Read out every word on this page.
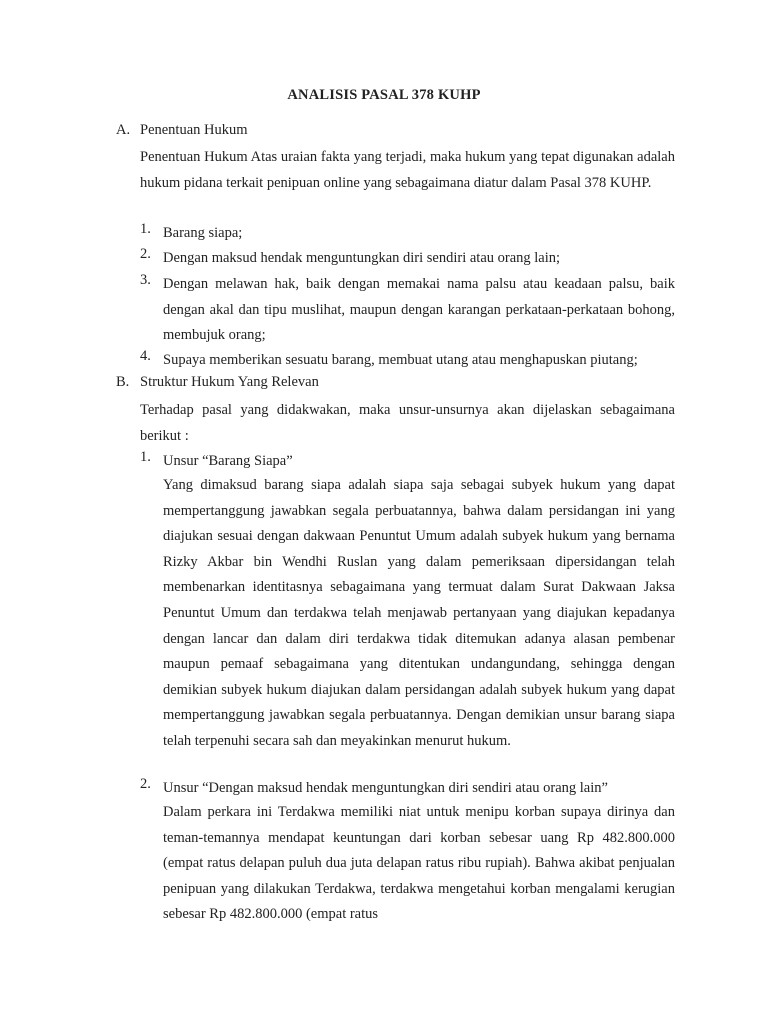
ANALISIS PASAL 378 KUHP
A. Penentuan Hukum
Penentuan Hukum Atas uraian fakta yang terjadi, maka hukum yang tepat digunakan adalah hukum pidana terkait penipuan online yang sebagaimana diatur dalam Pasal 378 KUHP.
1. Barang siapa;
2. Dengan maksud hendak menguntungkan diri sendiri atau orang lain;
3. Dengan melawan hak, baik dengan memakai nama palsu atau keadaan palsu, baik dengan akal dan tipu muslihat, maupun dengan karangan perkataan-perkataan bohong, membujuk orang;
4. Supaya memberikan sesuatu barang, membuat utang atau menghapuskan piutang;
B. Struktur Hukum Yang Relevan
Terhadap pasal yang didakwakan, maka unsur-unsurnya akan dijelaskan sebagaimana berikut :
1. Unsur “Barang Siapa”
Yang dimaksud barang siapa adalah siapa saja sebagai subyek hukum yang dapat mempertanggung jawabkan segala perbuatannya, bahwa dalam persidangan ini yang diajukan sesuai dengan dakwaan Penuntut Umum adalah subyek hukum yang bernama Rizky Akbar bin Wendhi Ruslan yang dalam pemeriksaan dipersidangan telah membenarkan identitasnya sebagaimana yang termuat dalam Surat Dakwaan Jaksa Penuntut Umum dan terdakwa telah menjawab pertanyaan yang diajukan kepadanya dengan lancar dan dalam diri terdakwa tidak ditemukan adanya alasan pembenar maupun pemaaf sebagaimana yang ditentukan undangundang, sehingga dengan demikian subyek hukum diajukan dalam persidangan adalah subyek hukum yang dapat mempertanggung jawabkan segala perbuatannya. Dengan demikian unsur barang siapa telah terpenuhi secara sah dan meyakinkan menurut hukum.
2. Unsur “Dengan maksud hendak menguntungkan diri sendiri atau orang lain”
Dalam perkara ini Terdakwa memiliki niat untuk menipu korban supaya dirinya dan teman-temannya mendapat keuntungan dari korban sebesar uang Rp 482.800.000 (empat ratus delapan puluh dua juta delapan ratus ribu rupiah). Bahwa akibat penjualan penipuan yang dilakukan Terdakwa, terdakwa mengetahui korban mengalami kerugian sebesar Rp 482.800.000 (empat ratus
